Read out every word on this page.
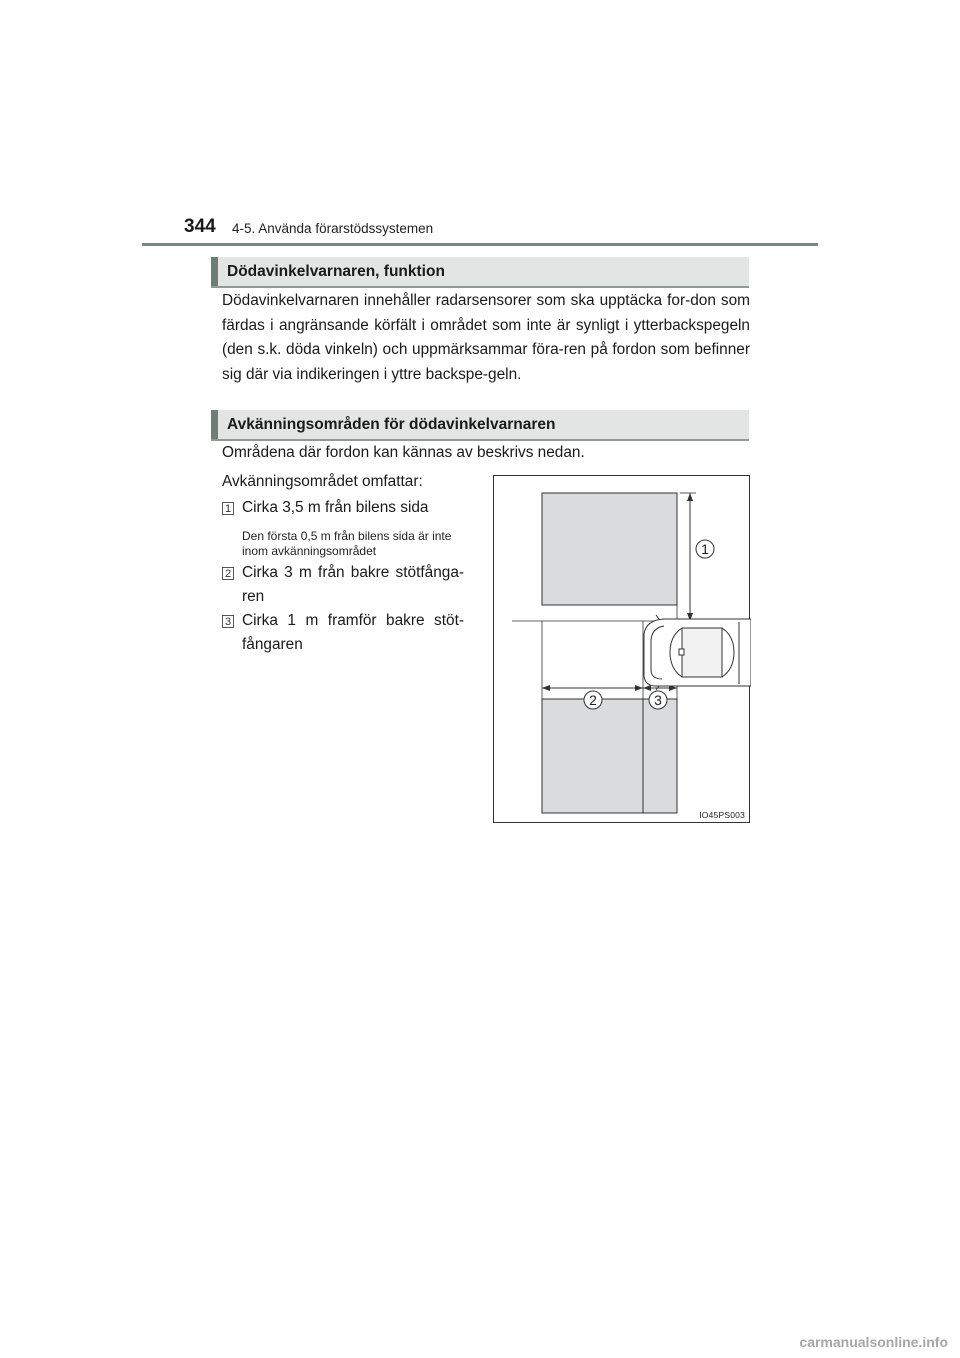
344 4-5. Använda förarstödssystemen
Dödavinkelvarnaren, funktion

Dödavinkelvarnaren innehåller radarsensorer som ska upptäcka for-don som färdas i angränsande körfält i området som inte är synligt i ytterbackspegeln (den s.k. döda vinkeln) och uppmärksammar föra-ren på fordon som befinner sig där via indikeringen i yttre backspe-geln.

Avkänningsområden för dödavinkelvarnaren

Områdena där fordon kan kännas av beskrivs nedan.

Avkänningsområdet omfattar:

1 Cirka 3,5 m från bilens sida

Den första 0,5 m från bilens sida är inte inom avkänningsområdet

2 Cirka 3 m från bakre stötfånga-ren

3 Cirka 1 m framför bakre stöt-fångaren

1
2	3
IO45PS003
carmanualsonline.info
